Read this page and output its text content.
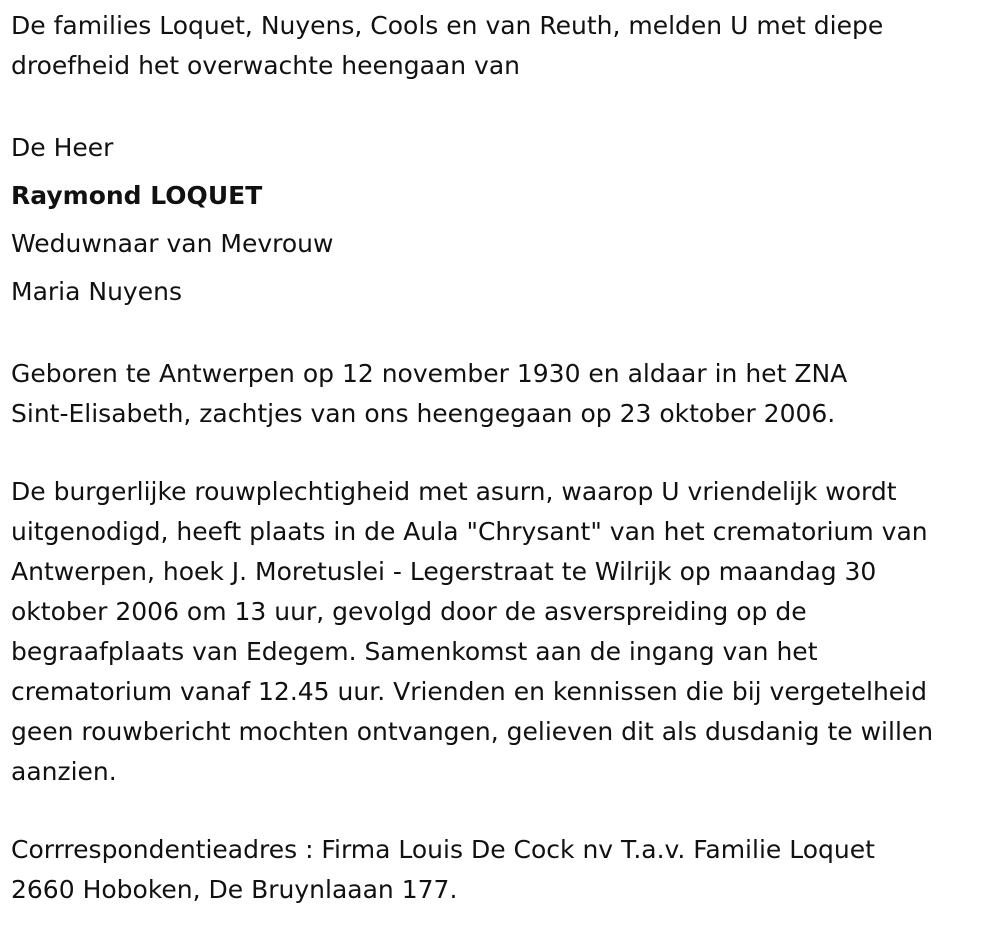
De families Loquet, Nuyens, Cools en van Reuth, melden U met diepe
droefheid het overwachte heengaan van

De Heer
Raymond LOQUET
Weduwnaar van Mevrouw
Maria Nuyens

Geboren te Antwerpen op 12 november 1930 en aldaar in het ZNA
Sint-Elisabeth, zachtjes van ons heengegaan op 23 oktober 2006.

De burgerlijke rouwplechtigheid met asurn, waarop U vriendelijk wordt
uitgenodigd, heeft plaats in de Aula "Chrysant" van het crematorium van
Antwerpen, hoek J. Moretuslei - Legerstraat te Wilrijk op maandag 30
oktober 2006 om 13 uur, gevolgd door de asverspreiding op de
begraafplaats van Edegem. Samenkomst aan de ingang van het
crematorium vanaf 12.45 uur. Vrienden en kennissen die bij vergetelheid
geen rouwbericht mochten ontvangen, gelieven dit als dusdanig te willen
aanzien.

Corrrespondentieadres : Firma Louis De Cock nv T.a.v. Familie Loquet
2660 Hoboken, De Bruynlaaan 177.
